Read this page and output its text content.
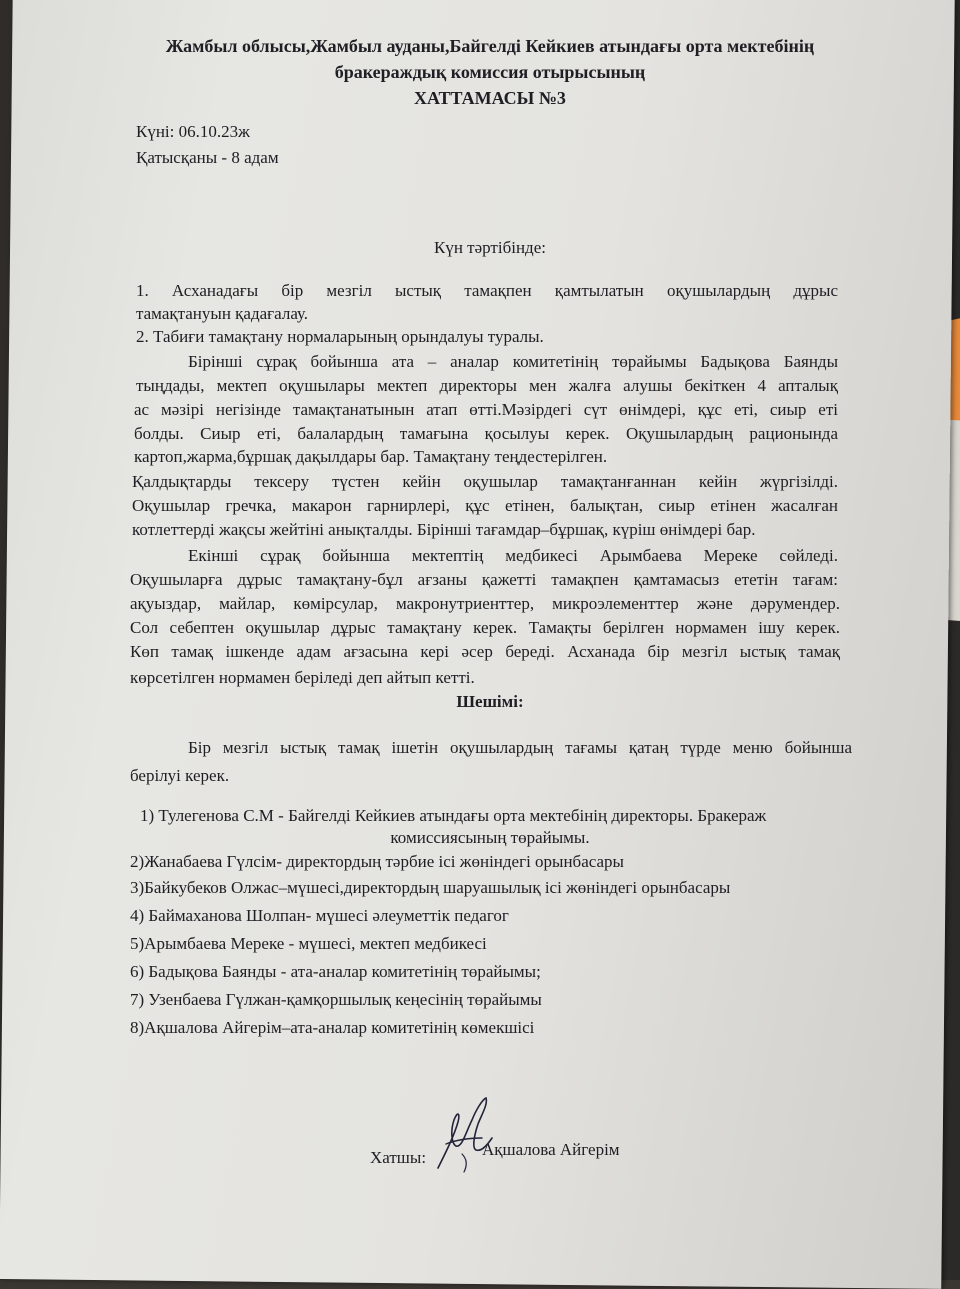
Жамбыл облысы,Жамбыл ауданы,Байгелді Кейкиев атындағы орта мектебінің
бракераждық комиссия отырысының
ХАТТАМАСЫ №3
Күні: 06.10.23ж
Қатысқаны - 8 адам
Күн тәртібінде:
1. Асханадағы бір мезгіл ыстық тамақпен қамтылатын оқушылардың дұрыс
тамақтануын қадағалау.
2. Табиғи тамақтану нормаларының орындалуы туралы.
Бірінші сұрақ бойынша ата – аналар комитетінің төрайымы Бадықова Баянды
тыңдады, мектеп оқушылары мектеп директоры мен жалға алушы бекіткен 4 апталық
ас мәзірі негізінде тамақтанатынын атап өтті.Мәзірдегі сүт өнімдері, құс еті, сиыр еті
болды. Сиыр еті, балалардың тамағына қосылуы керек. Оқушылардың рационында
картоп,жарма,бұршақ дақылдары бар. Тамақтану теңдестерілген.
Қалдықтарды тексеру түстен кейін оқушылар тамақтанғаннан кейін жүргізілді.
Оқушылар гречка, макарон гарнирлері, құс етінен, балықтан, сиыр етінен жасалған
котлеттерді жақсы жейтіні анықталды. Бірінші тағамдар–бұршақ, күріш өнімдері бар.
Екінші сұрақ бойынша мектептің медбикесі Арымбаева Мереке сөйледі.
Оқушыларға дұрыс тамақтану-бұл ағзаны қажетті тамақпен қамтамасыз ететін тағам:
ақуыздар, майлар, көмірсулар, макронутриенттер, микроэлементтер және дәрумендер.
Сол себептен оқушылар дұрыс тамақтану керек. Тамақты берілген нормамен ішу керек.
Көп тамақ ішкенде адам ағзасына кері әсер береді. Асханада бір мезгіл ыстық тамақ
көрсетілген нормамен беріледі деп айтып кетті.
Шешімі:
Бір мезгіл ыстық тамақ ішетін оқушылардың тағамы қатаң түрде меню бойынша
берілуі керек.
1) Тулегенова С.М - Байгелді Кейкиев атындағы орта мектебінің директоры. Бракераж
комиссиясының төрайымы.
2)Жанабаева Гүлсім- директордың тәрбие ісі жөніндегі орынбасары
3)Байкубеков Олжас–мүшесі,директордың шаруашылық ісі жөніндегі орынбасары
4) Баймаханова Шолпан- мүшесі әлеуметтік педагог
5)Арымбаева Мереке - мүшесі, мектеп медбикесі
6) Бадықова Баянды - ата-аналар комитетінің төрайымы;
7) Узенбаева Гүлжан-қамқоршылық кеңесінің төрайымы
8)Ақшалова Айгерім–ата-аналар комитетінің көмекшісі
Хатшы:	Ақшалова Айгерім
